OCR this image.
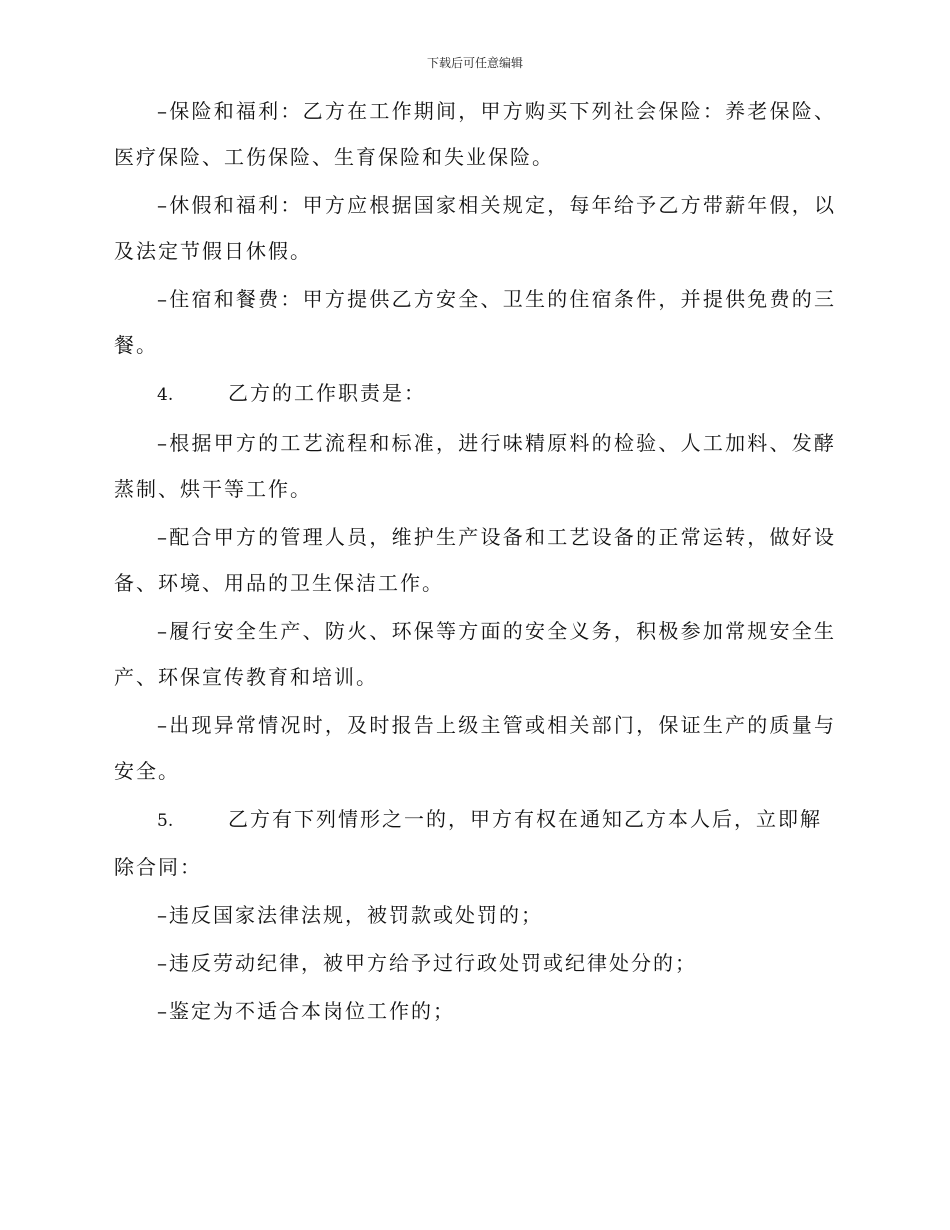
下载后可任意编辑

–保险和福利：乙方在工作期间，甲方购买下列社会保险：养老保险、医疗保险、工伤保险、生育保险和失业保险。

–休假和福利：甲方应根据国家相关规定，每年给予乙方带薪年假，以及法定节假日休假。

–住宿和餐费：甲方提供乙方安全、卫生的住宿条件，并提供免费的三餐。

4.	乙方的工作职责是：

–根据甲方的工艺流程和标准，进行味精原料的检验、人工加料、发酵蒸制、烘干等工作。

–配合甲方的管理人员，维护生产设备和工艺设备的正常运转，做好设备、环境、用品的卫生保洁工作。

–履行安全生产、防火、环保等方面的安全义务，积极参加常规安全生产、环保宣传教育和培训。

–出现异常情况时，及时报告上级主管或相关部门，保证生产的质量与安全。

5.	乙方有下列情形之一的，甲方有权在通知乙方本人后，立即解除合同：

–违反国家法律法规，被罚款或处罚的；

–违反劳动纪律，被甲方给予过行政处罚或纪律处分的；

–鉴定为不适合本岗位工作的；
